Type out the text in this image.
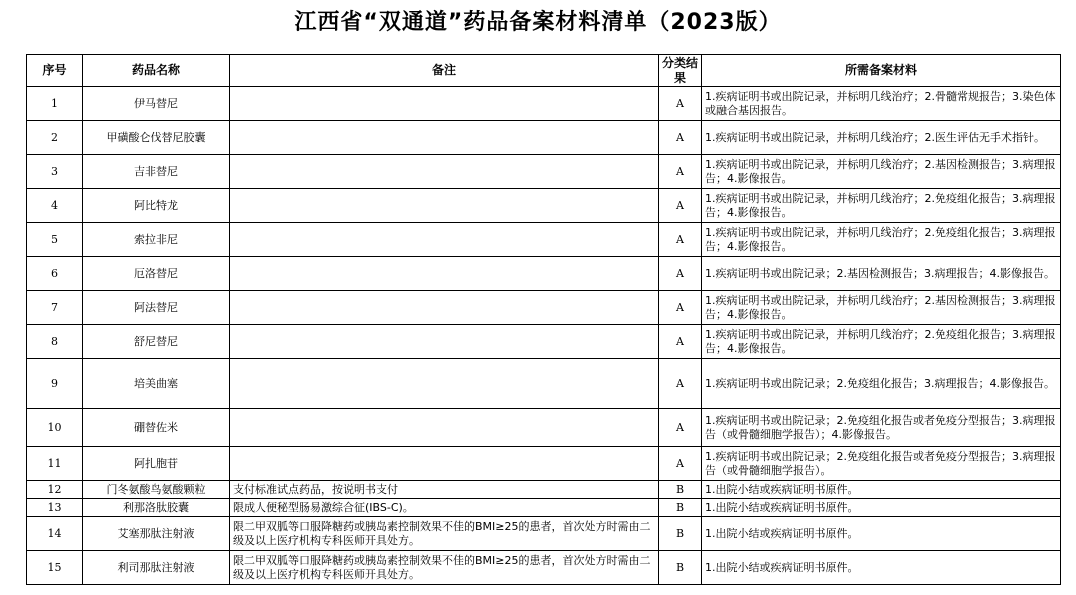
江西省“双通道”药品备案材料清单（2023版）
序号	药品名称	备注	分类结果	所需备案材料
1	伊马替尼		A	1.疾病证明书或出院记录，并标明几线治疗；2.骨髓常规报告；3.染色体或融合基因报告。
2	甲磺酸仑伐替尼胶囊		A	1.疾病证明书或出院记录，并标明几线治疗；2.医生评估无手术指针。
3	吉非替尼		A	1.疾病证明书或出院记录，并标明几线治疗；2.基因检测报告；3.病理报告；4.影像报告。
4	阿比特龙		A	1.疾病证明书或出院记录，并标明几线治疗；2.免疫组化报告；3.病理报告；4.影像报告。
5	索拉非尼		A	1.疾病证明书或出院记录，并标明几线治疗；2.免疫组化报告；3.病理报告；4.影像报告。
6	厄洛替尼		A	1.疾病证明书或出院记录；2.基因检测报告；3.病理报告；4.影像报告。
7	阿法替尼		A	1.疾病证明书或出院记录，并标明几线治疗；2.基因检测报告；3.病理报告；4.影像报告。
8	舒尼替尼		A	1.疾病证明书或出院记录，并标明几线治疗；2.免疫组化报告；3.病理报告；4.影像报告。
9	培美曲塞		A	1.疾病证明书或出院记录；2.免疫组化报告；3.病理报告；4.影像报告。
10	硼替佐米		A	1.疾病证明书或出院记录；2.免疫组化报告或者免疫分型报告；3.病理报告（或骨髓细胞学报告）；4.影像报告。
11	阿扎胞苷		A	1.疾病证明书或出院记录；2.免疫组化报告或者免疫分型报告；3.病理报告（或骨髓细胞学报告）。
12	门冬氨酸鸟氨酸颗粒	支付标准试点药品，按说明书支付	B	1.出院小结或疾病证明书原件。
13	利那洛肽胶囊	限成人便秘型肠易激综合征(IBS-C)。	B	1.出院小结或疾病证明书原件。
14	艾塞那肽注射液	限二甲双胍等口服降糖药或胰岛素控制效果不佳的BMI≥25的患者，首次处方时需由二级及以上医疗机构专科医师开具处方。	B	1.出院小结或疾病证明书原件。
15	利司那肽注射液	限二甲双胍等口服降糖药或胰岛素控制效果不佳的BMI≥25的患者，首次处方时需由二级及以上医疗机构专科医师开具处方。	B	1.出院小结或疾病证明书原件。
